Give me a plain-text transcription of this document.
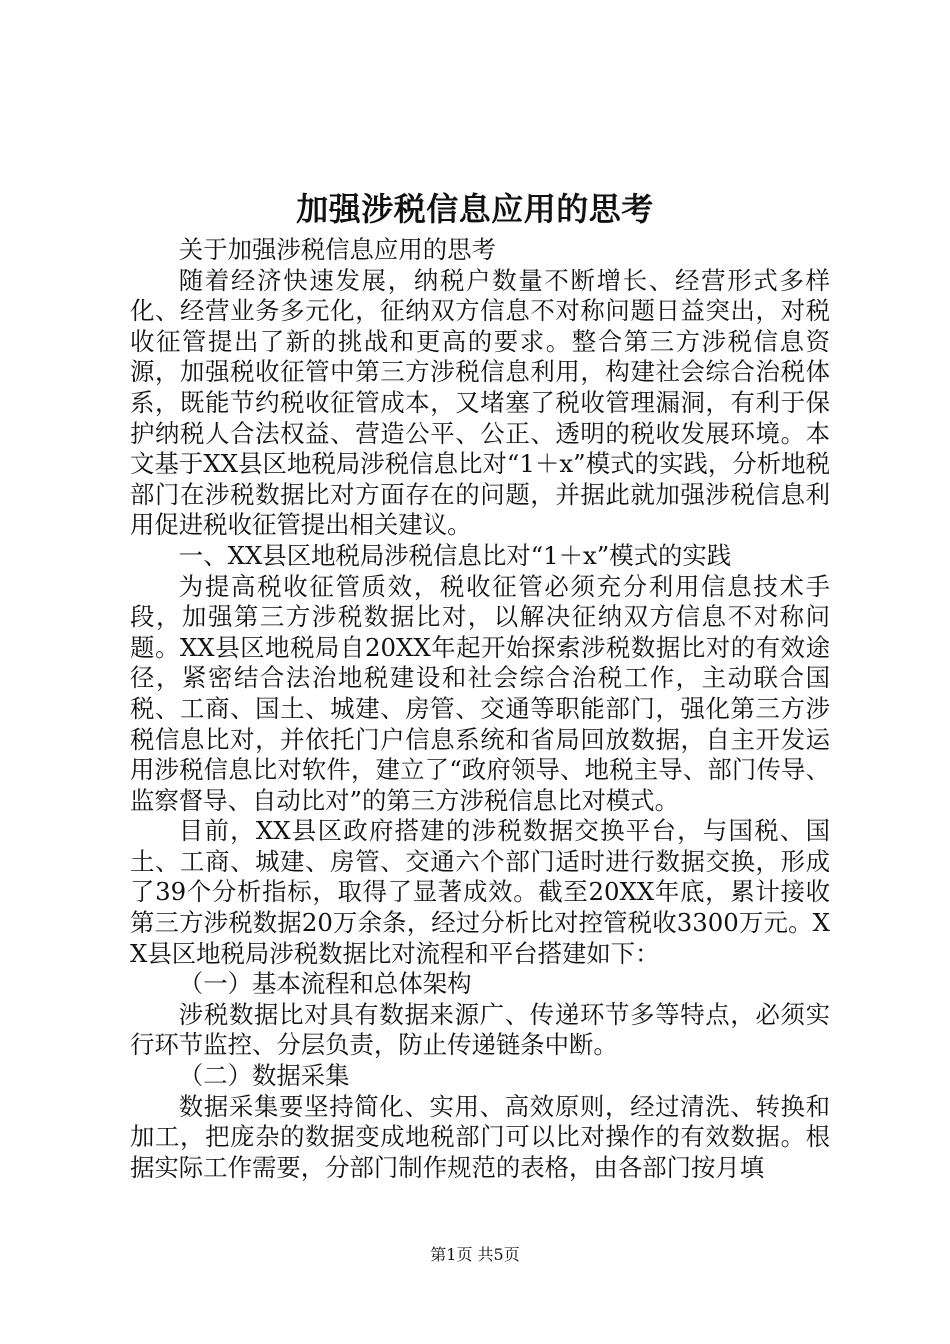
加强涉税信息应用的思考

关于加强涉税信息应用的思考

随着经济快速发展，纳税户数量不断增长、经营形式多样化、经营业务多元化，征纳双方信息不对称问题日益突出，对税收征管提出了新的挑战和更高的要求。整合第三方涉税信息资源，加强税收征管中第三方涉税信息利用，构建社会综合治税体系，既能节约税收征管成本，又堵塞了税收管理漏洞，有利于保护纳税人合法权益、营造公平、公正、透明的税收发展环境。本文基于XX县区地税局涉税信息比对“1＋x”模式的实践，分析地税部门在涉税数据比对方面存在的问题，并据此就加强涉税信息利用促进税收征管提出相关建议。

一、XX县区地税局涉税信息比对“1＋x”模式的实践

为提高税收征管质效，税收征管必须充分利用信息技术手段，加强第三方涉税数据比对，以解决征纳双方信息不对称问题。XX县区地税局自20XX年起开始探索涉税数据比对的有效途径，紧密结合法治地税建设和社会综合治税工作，主动联合国税、工商、国土、城建、房管、交通等职能部门，强化第三方涉税信息比对，并依托门户信息系统和省局回放数据，自主开发运用涉税信息比对软件，建立了“政府领导、地税主导、部门传导、监察督导、自动比对”的第三方涉税信息比对模式。

目前，XX县区政府搭建的涉税数据交换平台，与国税、国土、工商、城建、房管、交通六个部门适时进行数据交换，形成了39个分析指标，取得了显著成效。截至20XX年底，累计接收第三方涉税数据20万余条，经过分析比对控管税收3300万元。XX县区地税局涉税数据比对流程和平台搭建如下：

（一）基本流程和总体架构

涉税数据比对具有数据来源广、传递环节多等特点，必须实行环节监控、分层负责，防止传递链条中断。

（二）数据采集

数据采集要坚持简化、实用、高效原则，经过清洗、转换和加工，把庞杂的数据变成地税部门可以比对操作的有效数据。根据实际工作需要，分部门制作规范的表格，由各部门按月填

第1页 共5页
